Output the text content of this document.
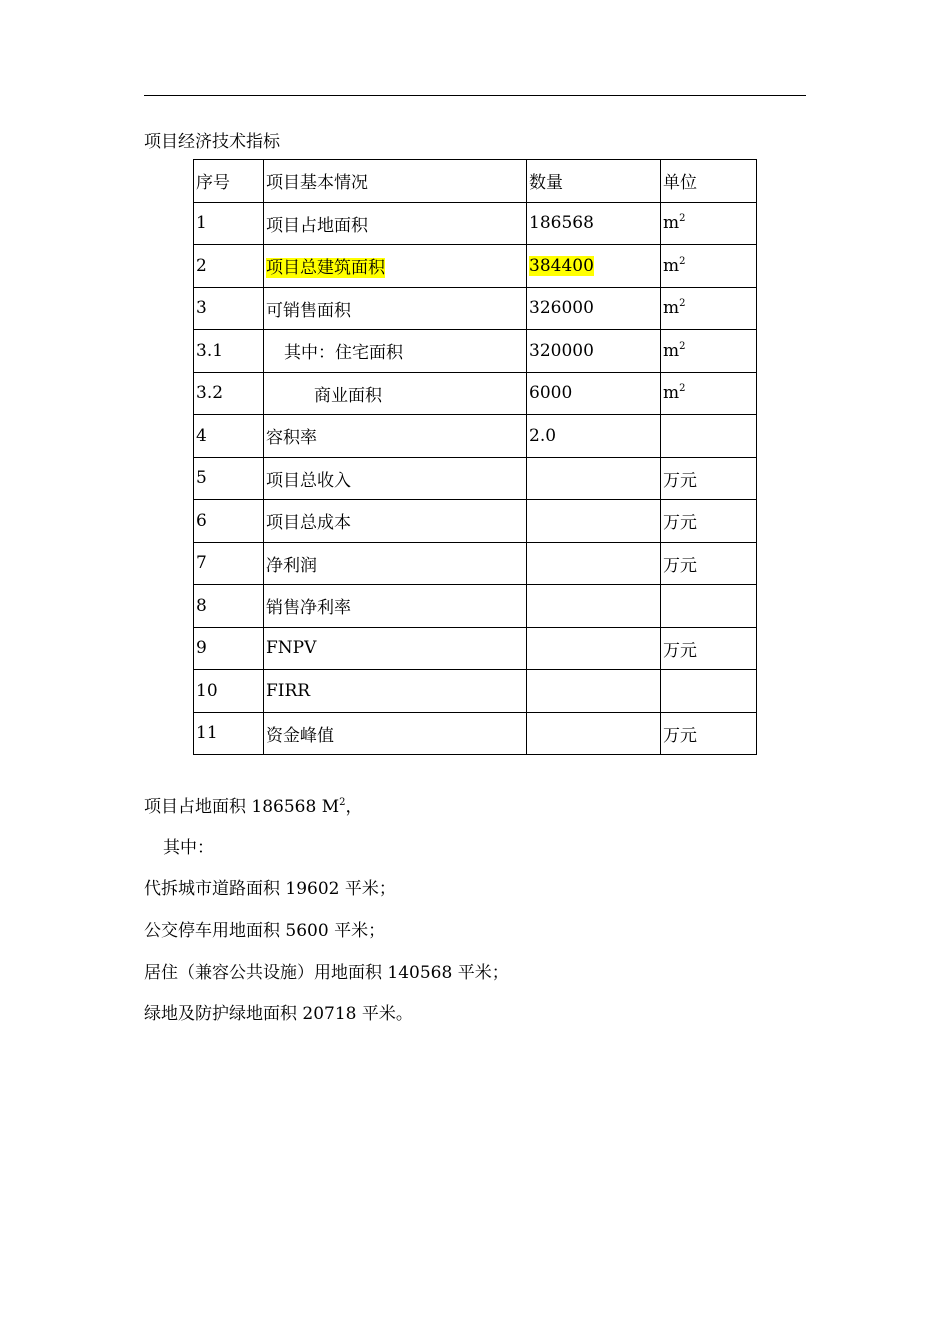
项目经济技术指标
序号	项目基本情况	数量	单位
1	项目占地面积	186568	$m^2$
2	项目总建筑面积	384400	$m^2$
3	可销售面积	326000	$m^2$
3.1	其中：住宅面积	320000	$m^2$
3.2	商业面积	6000	$m^2$
4	容积率	2.0	
5	项目总收入		万元
6	项目总成本		万元
7	净利润		万元
8	销售净利率		
9	FNPV		万元
10	FIRR		
11	资金峰值		万元
项目占地面积 186568 $M^2$，
其中：
代拆城市道路面积 19602 平米；
公交停车用地面积 5600 平米；
居住（兼容公共设施）用地面积 140568 平米；
绿地及防护绿地面积 20718 平米。
